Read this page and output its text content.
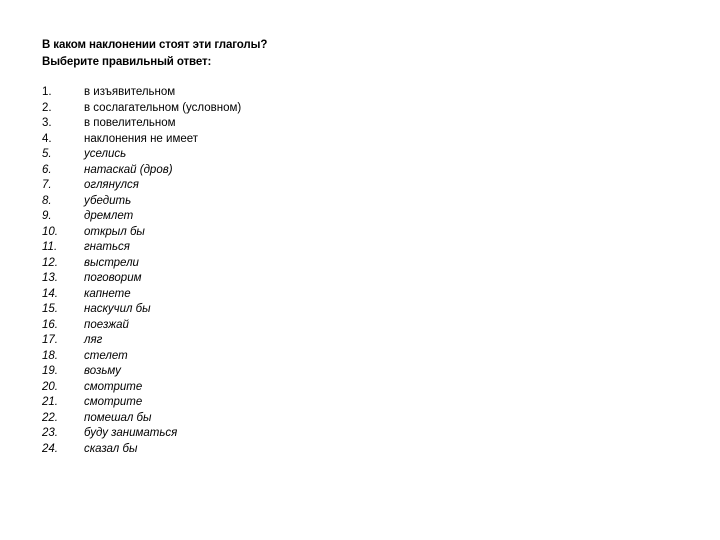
В каком наклонении стоят эти глаголы?
Выберите правильный ответ:
1.	в изъявительном
2.	в сослагательном (условном)
3.	в повелительном
4.	наклонения не имеет
5.	уселись
6.	натаскай (дров)
7.	оглянулся
8.	убедить
9.	дремлет
10. открыл бы
11. гнаться
12. выстрели
13. поговорим
14. капнете
15. наскучил бы
16. поезжай
17. ляг
18. стелет
19. возьму
20. смотрите
21. смотрите
22. помешал бы
23. буду заниматься
24. сказал бы
